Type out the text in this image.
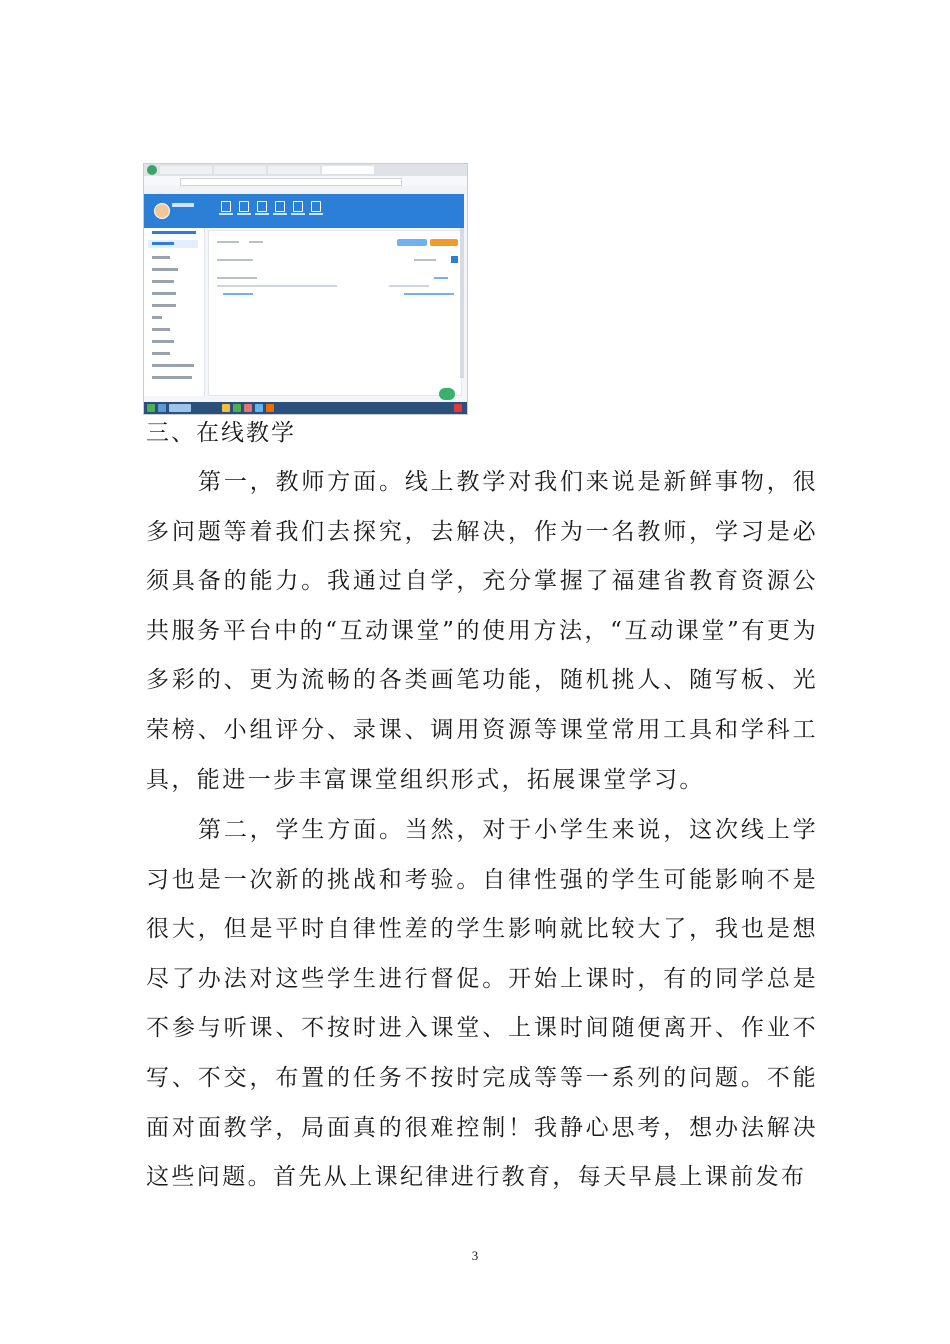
三、在线教学

第一，教师方面。线上教学对我们来说是新鲜事物，很多问题等着我们去探究，去解决，作为一名教师，学习是必须具备的能力。我通过自学，充分掌握了福建省教育资源公共服务平台中的“互动课堂”的使用方法，“互动课堂”有更为多彩的、更为流畅的各类画笔功能，随机挑人、随写板、光荣榜、小组评分、录课、调用资源等课堂常用工具和学科工具，能进一步丰富课堂组织形式，拓展课堂学习。

第二，学生方面。当然，对于小学生来说，这次线上学习也是一次新的挑战和考验。自律性强的学生可能影响不是很大，但是平时自律性差的学生影响就比较大了，我也是想尽了办法对这些学生进行督促。开始上课时，有的同学总是不参与听课、不按时进入课堂、上课时间随便离开、作业不写、不交，布置的任务不按时完成等等一系列的问题。不能面对面教学，局面真的很难控制！我静心思考，想办法解决这些问题。首先从上课纪律进行教育，每天早晨上课前发布

3
